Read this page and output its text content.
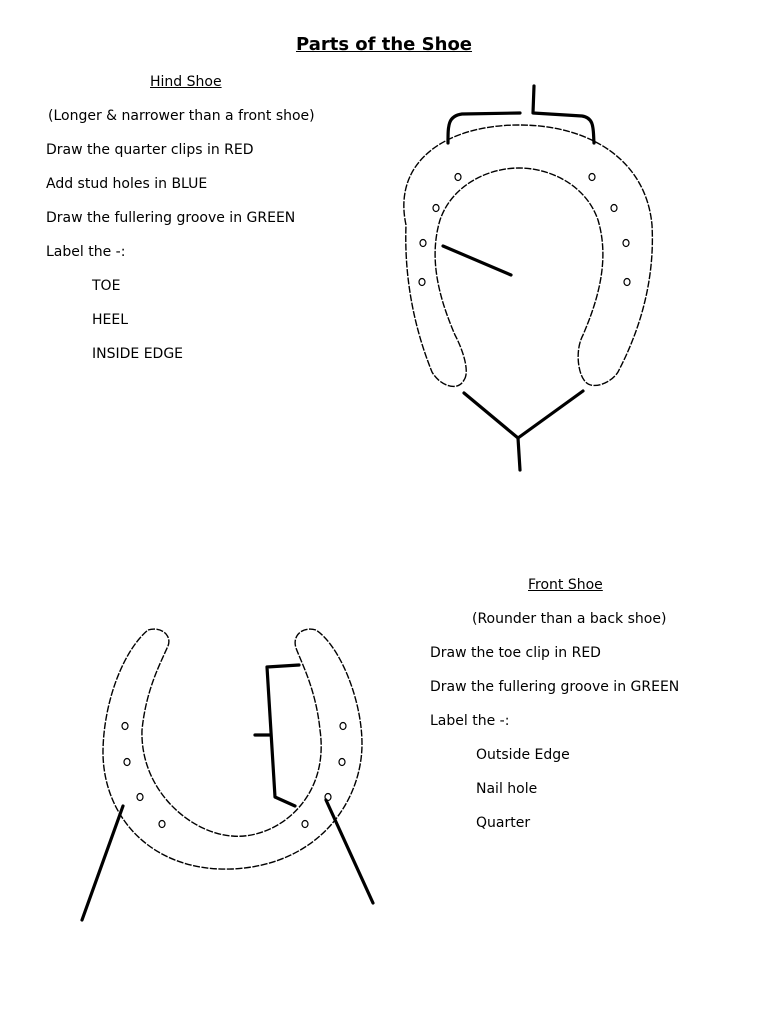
Parts of the Shoe
Hind Shoe
(Longer & narrower than a front shoe)
Draw the quarter clips in RED
Add stud holes in BLUE
Draw the fullering groove in GREEN
Label the -:
TOE
HEEL
INSIDE EDGE
Front Shoe
(Rounder than a back shoe)
Draw the toe clip in RED
Draw the fullering groove in GREEN
Label the -:
Outside Edge
Nail hole
Quarter
